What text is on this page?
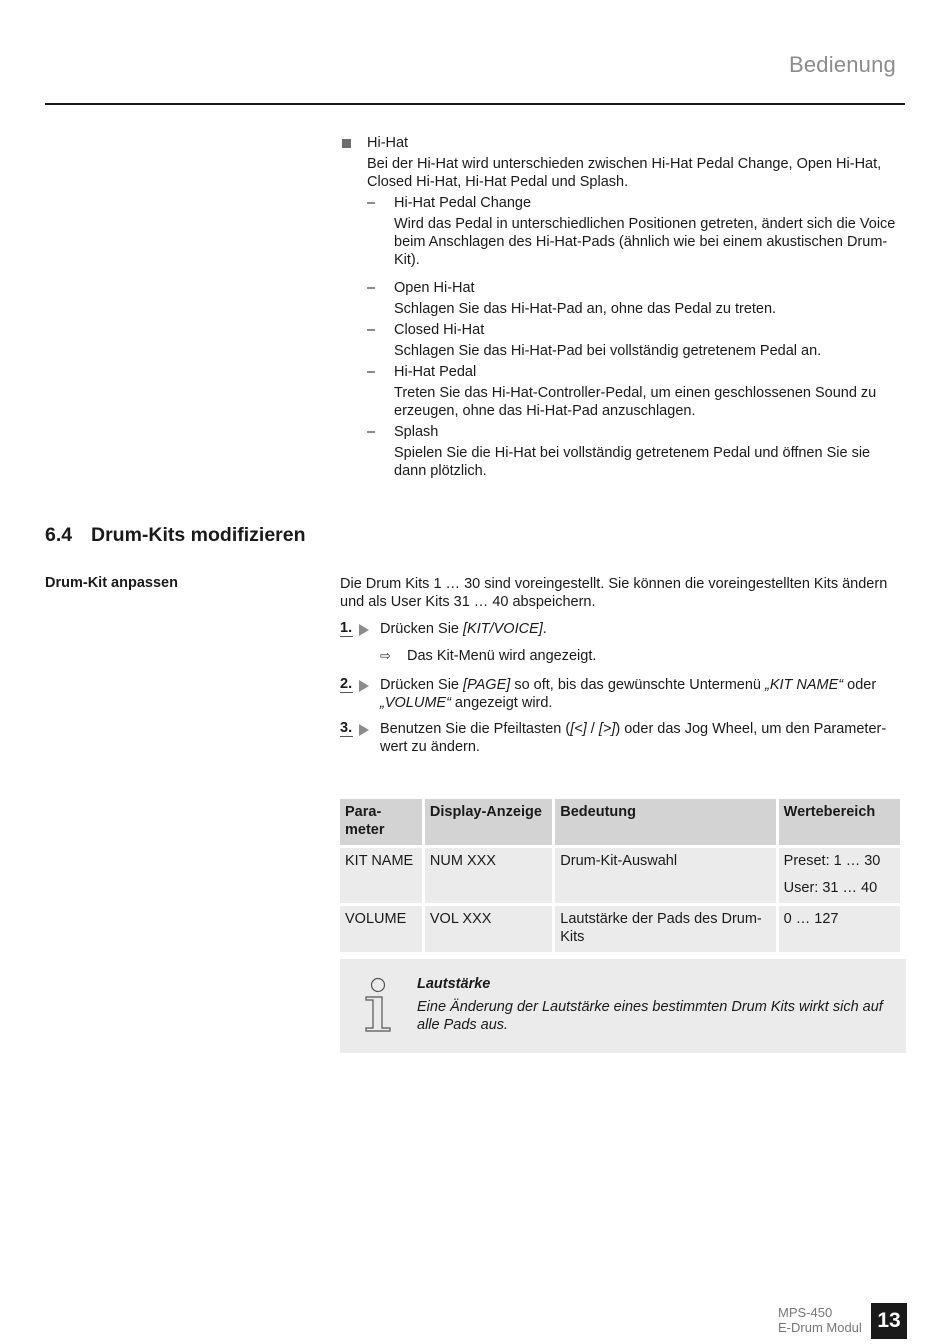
Bedienung
Hi-Hat
Bei der Hi-Hat wird unterschieden zwischen Hi-Hat Pedal Change, Open Hi-Hat, Closed Hi-Hat, Hi-Hat Pedal und Splash.
– Hi-Hat Pedal Change
Wird das Pedal in unterschiedlichen Positionen getreten, ändert sich die Voice beim Anschlagen des Hi-Hat-Pads (ähnlich wie bei einem akustischen Drum-Kit).
– Open Hi-Hat
Schlagen Sie das Hi-Hat-Pad an, ohne das Pedal zu treten.
– Closed Hi-Hat
Schlagen Sie das Hi-Hat-Pad bei vollständig getretenem Pedal an.
– Hi-Hat Pedal
Treten Sie das Hi-Hat-Controller-Pedal, um einen geschlossenen Sound zu erzeugen, ohne das Hi-Hat-Pad anzuschlagen.
– Splash
Spielen Sie die Hi-Hat bei vollständig getretenem Pedal und öffnen Sie sie dann plötzlich.
6.4 Drum-Kits modifizieren
Drum-Kit anpassen	Die Drum Kits 1 … 30 sind voreingestellt. Sie können die voreingestellten Kits ändern und als User Kits 31 … 40 abspeichern.
1.	Drücken Sie [KIT/VOICE].
⇨	Das Kit-Menü wird angezeigt.
2.	Drücken Sie [PAGE] so oft, bis das gewünschte Untermenü „KIT NAME“ oder „VOLUME“ angezeigt wird.
3.	Benutzen Sie die Pfeiltasten ([<] / [>]) oder das Jog Wheel, um den Parameter-wert zu ändern.
Para-meter	Display-Anzeige	Bedeutung	Wertebereich
KIT NAME	NUM XXX	Drum-Kit-Auswahl	Preset: 1 … 30
User: 31 … 40

VOLUME	VOL XXX	Lautstärke der Pads des Drum-Kits	0 … 127
Lautstärke
Eine Änderung der Lautstärke eines bestimmten Drum Kits wirkt sich auf alle Pads aus.
MPS-450
E-Drum Modul 13
